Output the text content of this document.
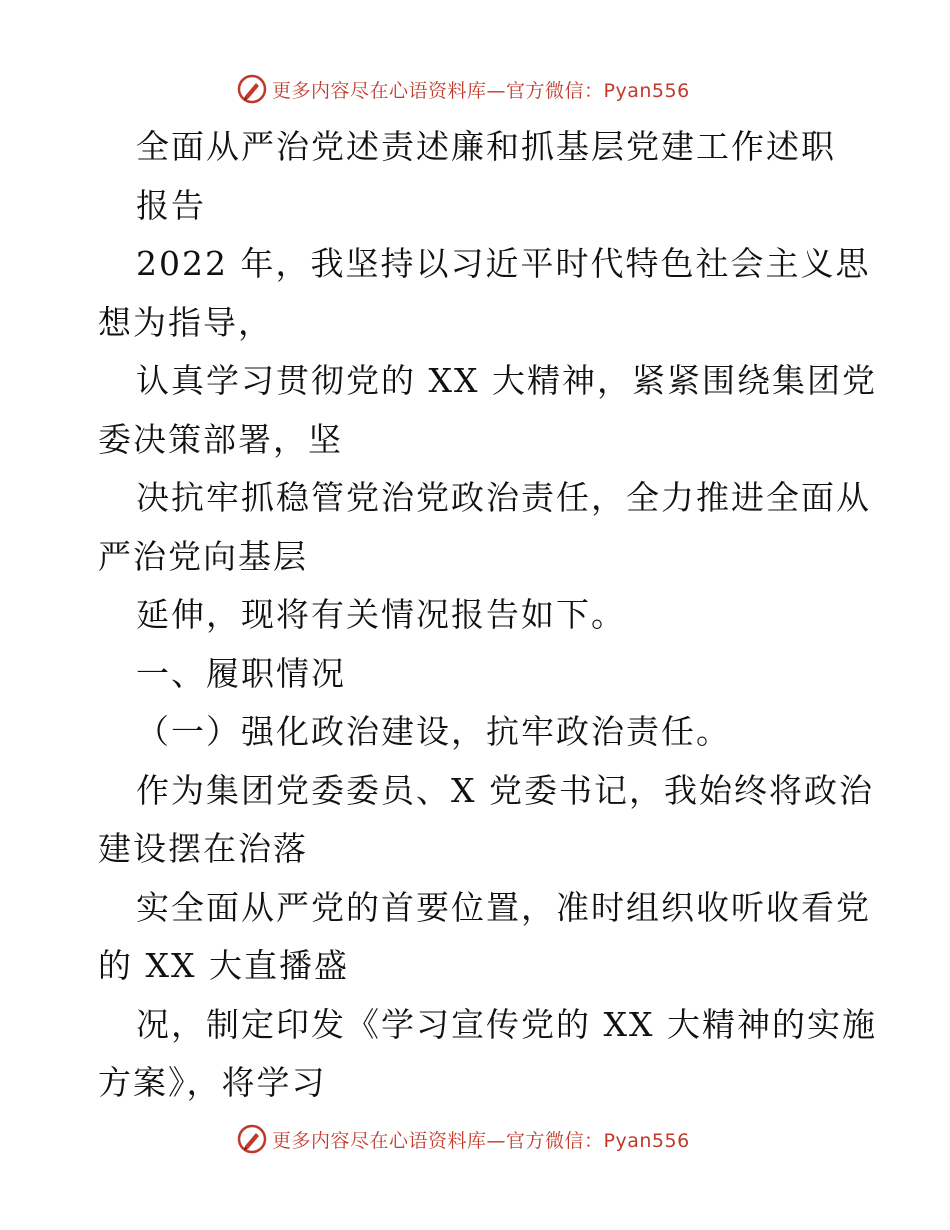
更多内容尽在心语资料库—官方微信：Pyan556
全面从严治党述责述廉和抓基层党建工作述职
报告
2022 年，我坚持以习近平时代特色社会主义思
想为指导，
认真学习贯彻党的 XX 大精神，紧紧围绕集团党
委决策部署，坚
决抗牢抓稳管党治党政治责任，全力推进全面从
严治党向基层
延伸，现将有关情况报告如下。
一、履职情况
（一）强化政治建设，抗牢政治责任。
作为集团党委委员、X 党委书记，我始终将政治
建设摆在治落
实全面从严党的首要位置，准时组织收听收看党
的 XX 大直播盛
况，制定印发《学习宣传党的 XX 大精神的实施
方案》，将学习
更多内容尽在心语资料库—官方微信：Pyan556
